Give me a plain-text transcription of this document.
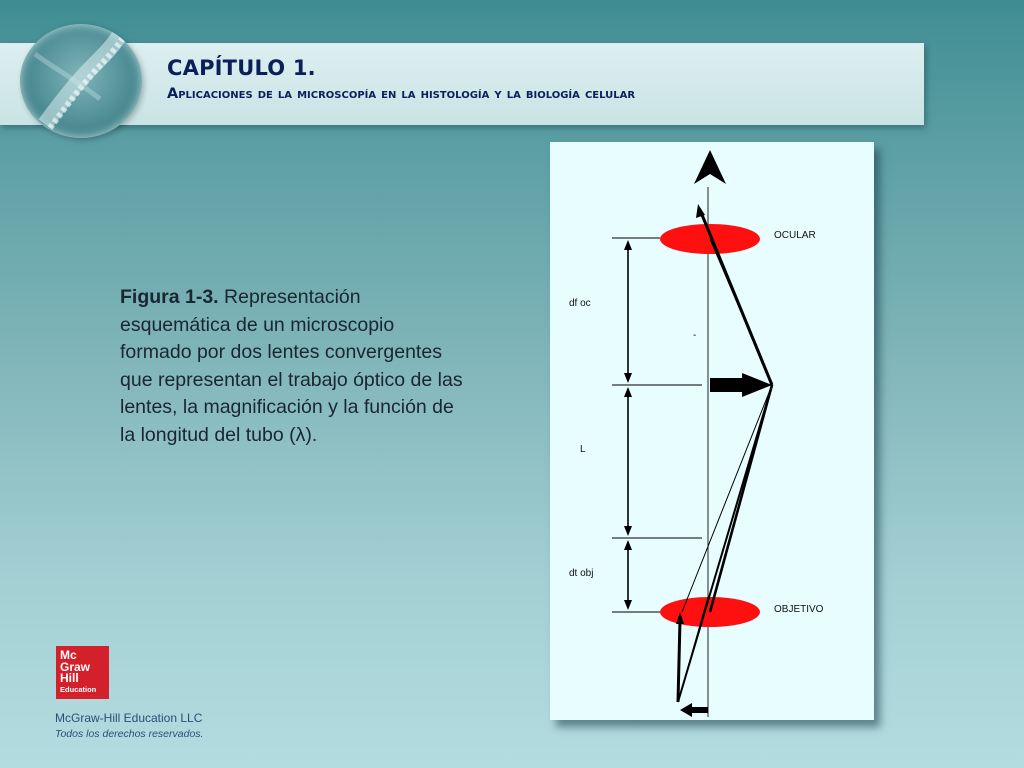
CAPÍTULO 1.
Aplicaciones de la microscopía en la histología y la biología celular
Figura 1-3. Representación esquemática de un microscopio formado por dos lentes convergentes que representan el trabajo óptico de las lentes, la magnificación y la función de la longitud del tubo (λ).
OCULAR
OBJETIVO
df oc
L
dt obj
-
Mc
Graw
Hill
Education
McGraw-Hill Education LLC
Todos los derechos reservados.
